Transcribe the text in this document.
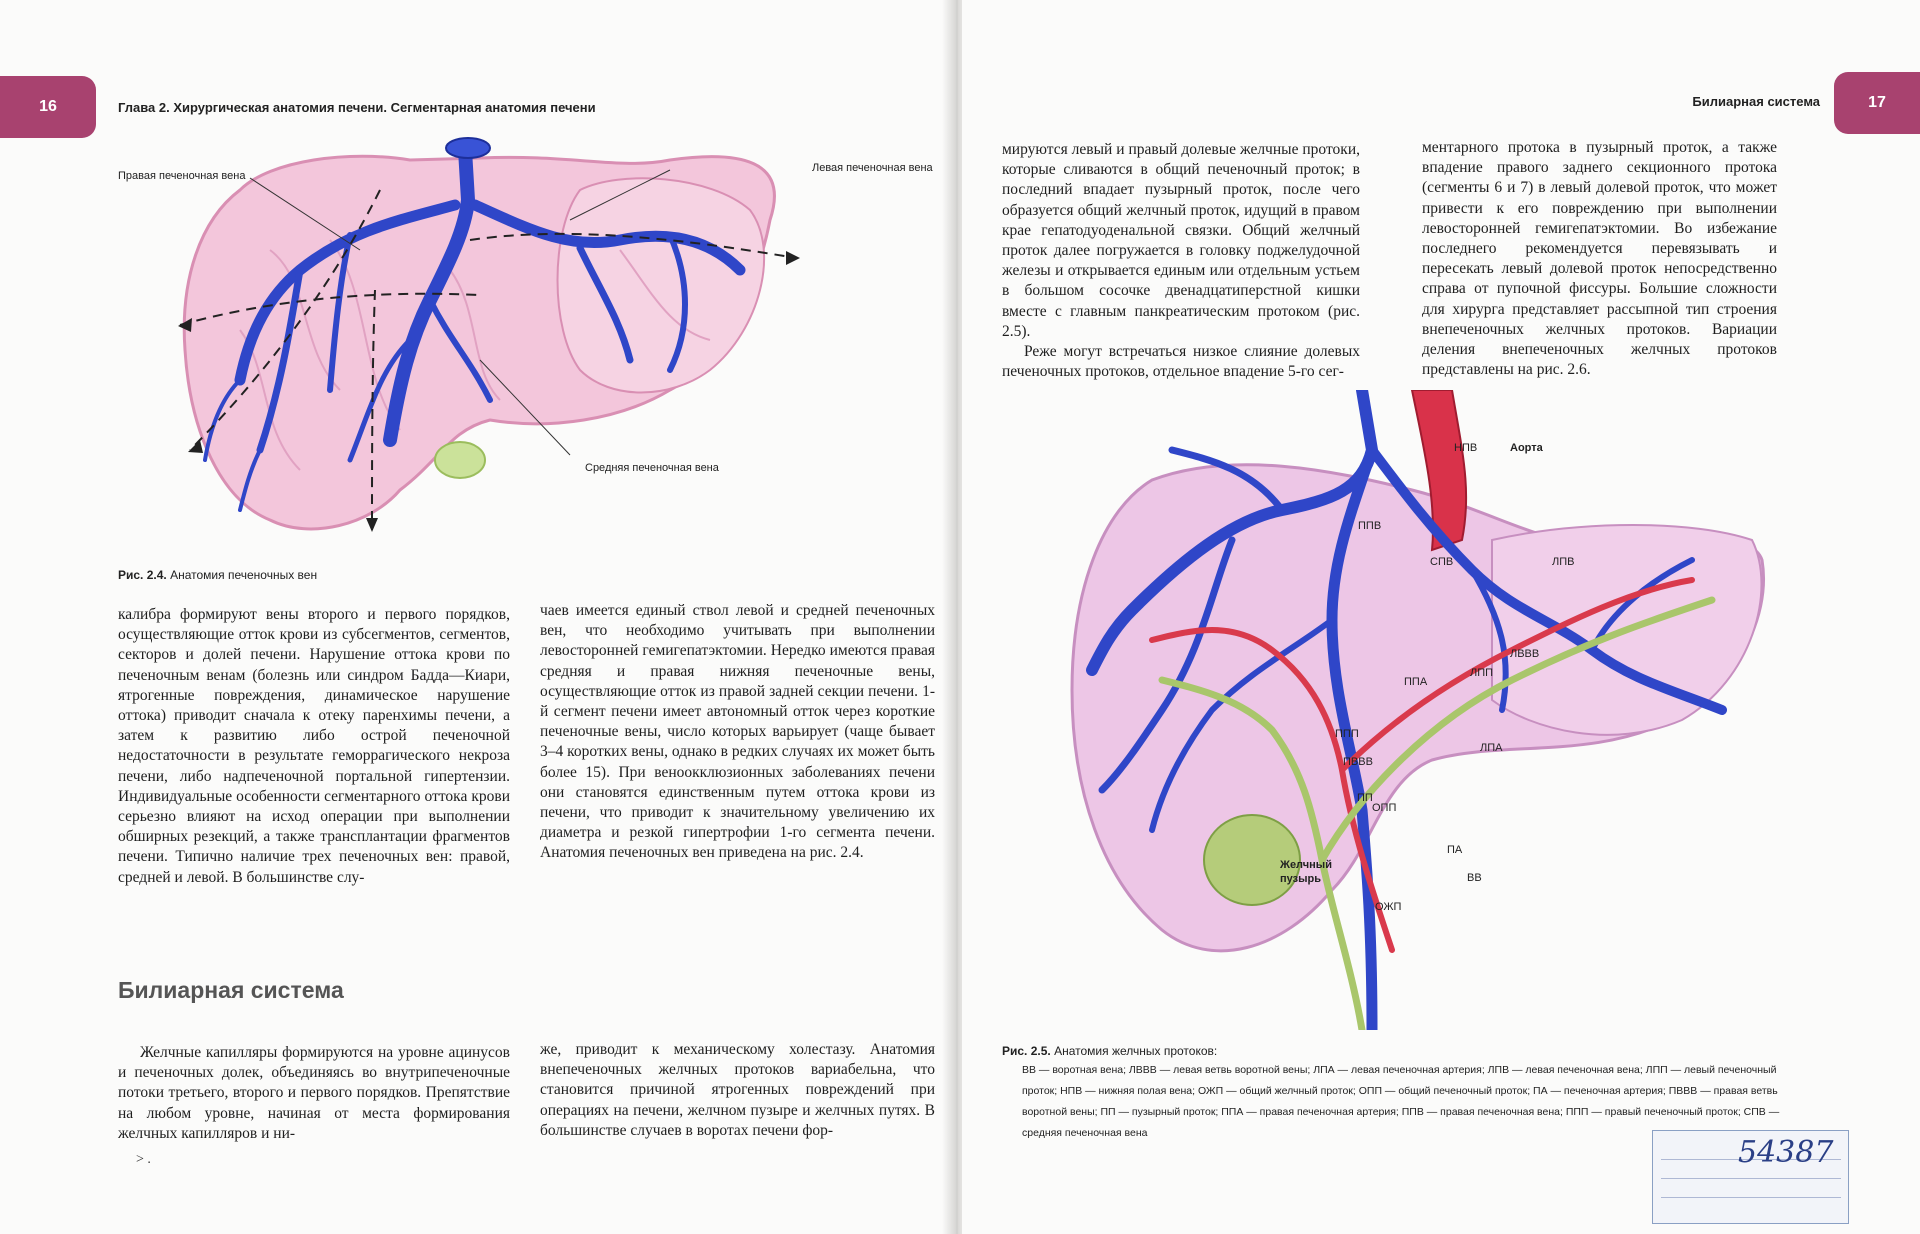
16	Глава 2. Хирургическая анатомия печени. Сегментарная анатомия печени
Правая печеночная вена
Левая печеночная вена
Средняя печеночная вена
Рис. 2.4. Анатомия печеночных вен

калибра формируют вены второго и первого порядков, осуществляющие отток крови из субсегментов, сегментов, секторов и долей печени. Нарушение оттока крови по печеночным венам (болезнь или синдром Бадда—Киари, ятрогенные повреждения, динамическое нарушение оттока) приводит сначала к отеку паренхимы печени, а затем к развитию либо острой печеночной недостаточности в результате геморрагического некроза печени, либо надпеченочной портальной гипертензии. Индивидуальные особенности сегментарного оттока крови серьезно влияют на исход операции при выполнении обширных резекций, а также трансплантации фрагментов печени. Типично наличие трех печеночных вен: правой, средней и левой. В большинстве слу-

чаев имеется единый ствол левой и средней печеночных вен, что необходимо учитывать при выполнении левосторонней гемигепатэктомии. Нередко имеются правая средняя и правая нижняя печеночные вены, осуществляющие отток из правой задней секции печени. 1-й сегмент печени имеет автономный отток через короткие печеночные вены, число которых варьирует (чаще бывает 3–4 коротких вены, однако в редких случаях их может быть более 15). При веноокклюзионных заболеваниях печени они становятся единственным путем оттока крови из печени, что приводит к значительному увеличению их диаметра и резкой гипертрофии 1-го сегмента печени. Анатомия печеночных вен приведена на рис. 2.4.

Билиарная система

Желчные капилляры формируются на уровне ацинусов и печеночных долек, объединяясь во внутрипеченочные потоки третьего, второго и первого порядков. Препятствие на любом уровне, начиная от места формирования желчных капилляров и ни-

же, приводит к механическому холестазу. Анатомия внепеченочных желчных протоков вариабельна, что становится причиной ятрогенных повреждений при операциях на печени, желчном пузыре и желчных путях. В большинстве случаев в воротах печени фор-

> .
17
Билиарная система

мируются левый и правый долевые желчные протоки, которые сливаются в общий печеночный проток; в последний впадает пузырный проток, после чего образуется общий желчный проток, идущий в правом крае гепатодуоденальной связки. Общий желчный проток далее погружается в головку поджелудочной железы и открывается единым или отдельным устьем в большом сосочке двенадцатиперстной кишки вместе с главным панкреатическим протоком (рис. 2.5).

Реже могут встречаться низкое слияние долевых печеночных протоков, отдельное впадение 5-го сег-

ментарного протока в пузырный проток, а также впадение правого заднего секционного протока (сегменты 6 и 7) в левый долевой проток, что может привести к его повреждению при выполнении левосторонней гемигепатэктомии. Во избежание последнего рекомендуется перевязывать и пересекать левый долевой проток непосредственно справа от пупочной фиссуры. Большие сложности для хирурга представляет рассыпной тип строения внепеченочных желчных протоков. Вариации деления внепеченочных желчных протоков представлены на рис. 2.6.

НПВ	Аорта
ППВ
СПВ	ЛПВ
ЛВВВ
ЛПП
ППА
ЛПА
ППП
ПВВВ
ПП
ОПП
ПА
ВВ
ОЖП
Желчный
пузырь
Рис. 2.5. Анатомия желчных протоков:
ВВ — воротная вена; ЛВВВ — левая ветвь воротной вены; ЛПА — левая печеночная артерия; ЛПВ — левая печеночная вена; ЛПП — левый печеночный проток; НПВ — нижняя полая вена; ОЖП — общий желчный проток; ОПП — общий печеночный проток; ПА — печеночная артерия; ПВВВ — правая ветвь воротной вены; ПП — пузырный проток; ППА — правая печеночная артерия; ППВ — правая печеночная вена; ППП — правый печеночный проток; СПВ — средняя печеночная вена
54387
